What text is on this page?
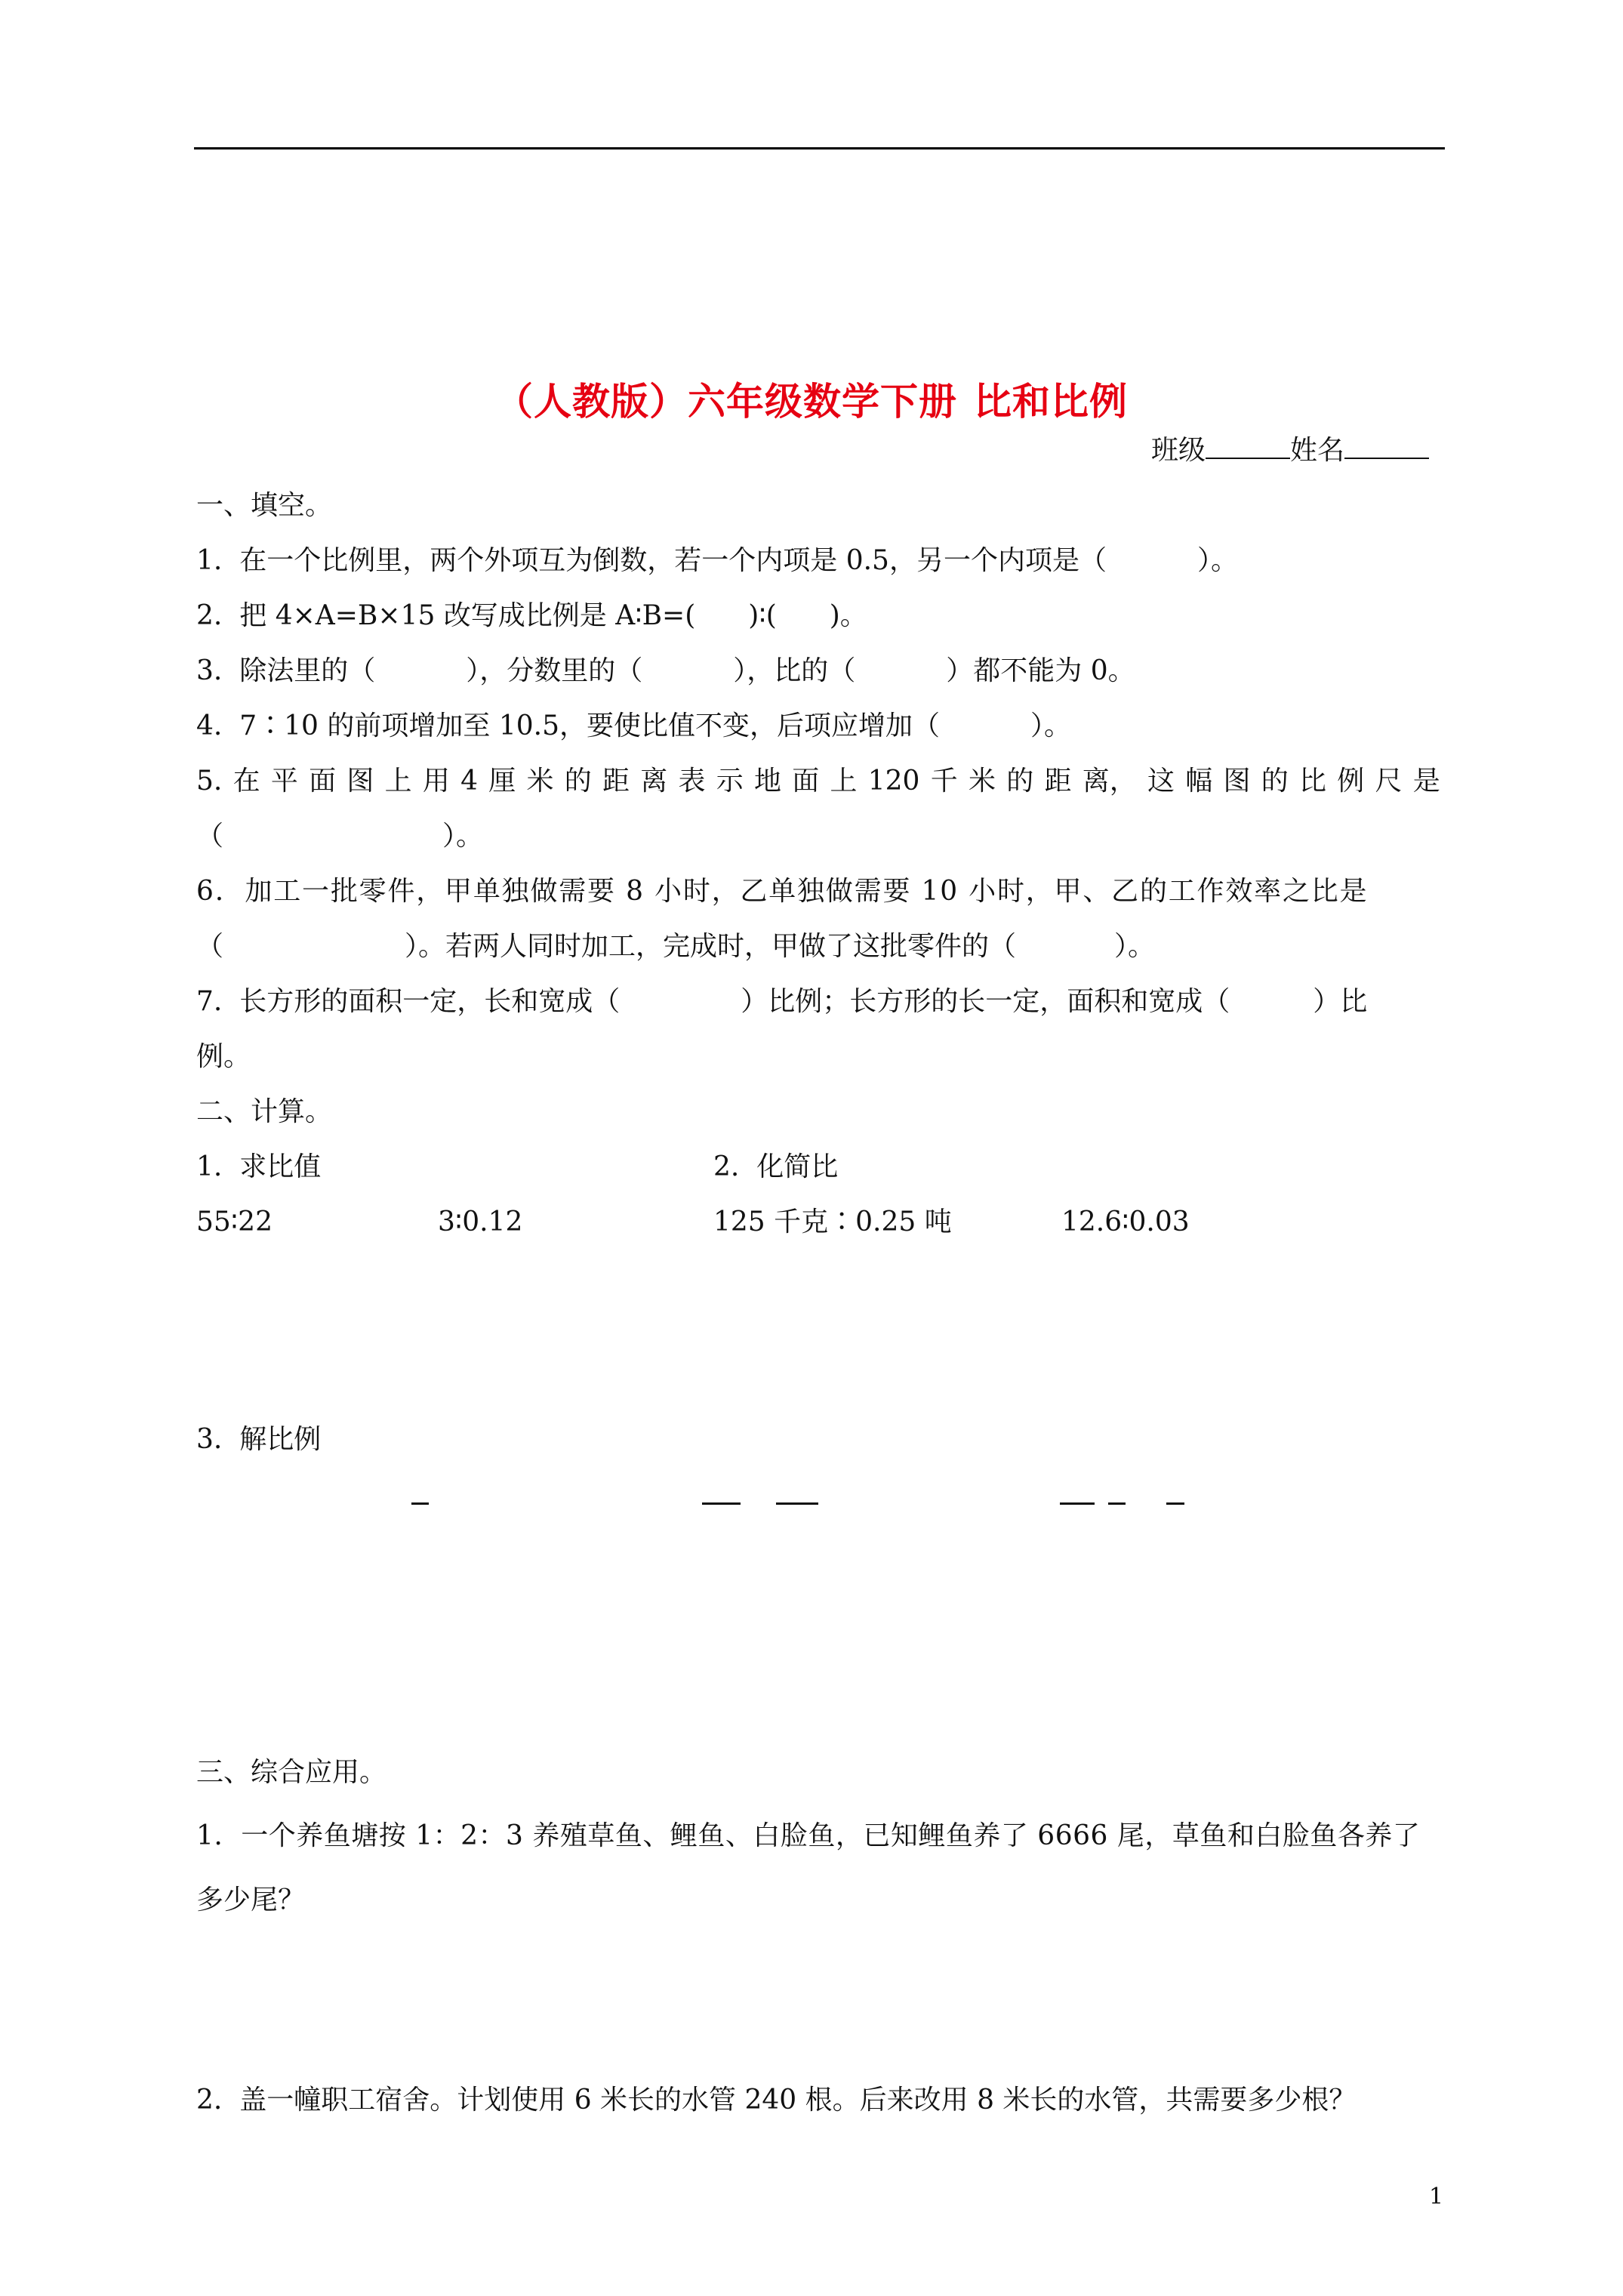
（人教版）六年级数学下册 比和比例
班级	姓名
一、填空。
1. 在一个比例里，两个外项互为倒数，若一个内项是 0.5，另一个内项是（	）。
2. 把 4×A=B×15 改写成比例是 A∶B=( )∶( )。
3. 除法里的（	），分数里的（	），比的（	）都不能为 0。
4. 7∶10 的前项增加至 10.5，要使比值不变，后项应增加（	）。
5. 在 平 面 图 上 用 4 厘 米 的 距 离 表 示 地 面 上 120 千 米 的 距 离， 这 幅 图 的 比 例 尺 是
（	）。
6. 加工一批零件，甲单独做需要 8 小时，乙单独做需要 10 小时，甲、乙的工作效率之比是
（	）。若两人同时加工，完成时，甲做了这批零件的（	）。
7. 长方形的面积一定，长和宽成（	）比例；长方形的长一定，面积和宽成（	）比
例。
二、计算。
1. 求比值	2. 化简比
55∶22	3∶0.12	125 千克∶0.25 吨	12.6∶0.03
3. 解比例
三、综合应用。
1. 一个养鱼塘按 1：2：3 养殖草鱼、鲤鱼、白脸鱼，已知鲤鱼养了 6666 尾，草鱼和白脸鱼各养了
多少尾？
2. 盖一幢职工宿舍。计划使用 6 米长的水管 240 根。后来改用 8 米长的水管，共需要多少根？
1
